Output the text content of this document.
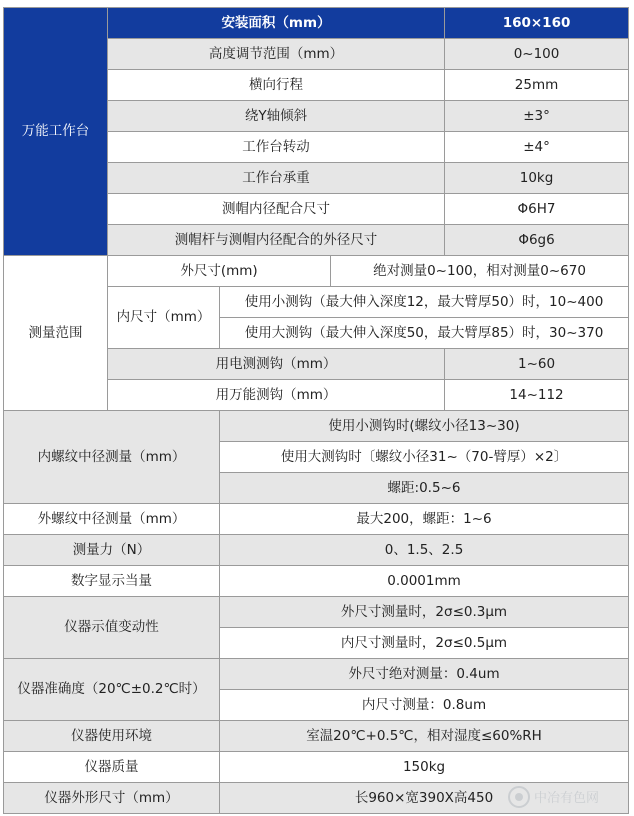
万能工作台	安装面积（mm）			160×160
	高度调节范围（mm）			0~100
	横向行程			25mm
	绕Y轴倾斜			±3°
	工作台转动			±4°
	工作台承重			10kg
	测帽内径配合尺寸			Φ6H7
	测帽杆与测帽内径配合的外径尺寸			Φ6g6
测量范围	外尺寸(mm)		绝对测量0~100，相对测量0~670	
	内尺寸（mm）	使用小测钩（最大伸入深度12，最大臂厚50）时，10~400		
		使用大测钩（最大伸入深度50，最大臂厚85）时，30~370		
	用电测测钩（mm）			1~60
	用万能测钩（mm）			14~112
内螺纹中径测量（mm）		使用小测钩时(螺纹小径13~30)		
		使用大测钩时〔螺纹小径31~（70-臂厚）×2〕		
		螺距:0.5~6		
外螺纹中径测量（mm）		最大200，螺距：1~6		
测量力（N）		0、1.5、2.5		
数字显示当量		0.0001mm		
仪器示值变动性		外尺寸测量时，2σ≤0.3μm		
		内尺寸测量时，2σ≤0.5μm		
仪器准确度（20℃±0.2℃时）		外尺寸绝对测量：0.4um		
		内尺寸测量：0.8um		
仪器使用环境		室温20℃+0.5℃，相对湿度≤60%RH		
仪器质量		150kg		
仪器外形尺寸（mm）		长960×宽390X高450			中冶有色网
